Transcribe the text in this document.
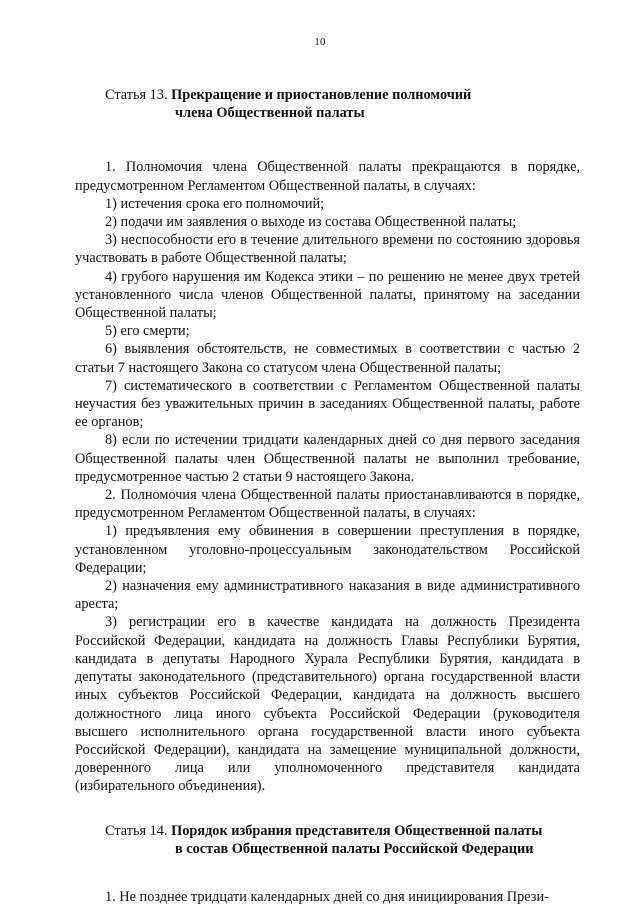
10
Статья 13. Прекращение и приостановление полномочий
члена Общественной палаты

1. Полномочия члена Общественной палаты прекращаются в порядке, предусмотренном Регламентом Общественной палаты, в случаях:

1) истечения срока его полномочий;

2) подачи им заявления о выходе из состава Общественной палаты;

3) неспособности его в течение длительного времени по состоянию здоровья участвовать в работе Общественной палаты;

4) грубого нарушения им Кодекса этики – по решению не менее двух третей установленного числа членов Общественной палаты, принятому на заседании Общественной палаты;

5) его смерти;

6) выявления обстоятельств, не совместимых в соответствии с частью 2 статьи 7 настоящего Закона со статусом члена Общественной палаты;

7) систематического в соответствии с Регламентом Общественной палаты неучастия без уважительных причин в заседаниях Общественной палаты, работе ее органов;

8) если по истечении тридцати календарных дней со дня первого заседания Общественной палаты член Общественной палаты не выполнил требование, предусмотренное частью 2 статьи 9 настоящего Закона.

2. Полномочия члена Общественной палаты приостанавливаются в порядке, предусмотренном Регламентом Общественной палаты, в случаях:

1) предъявления ему обвинения в совершении преступления в порядке, установленном уголовно-процессуальным законодательством Российской Федерации;

2) назначения ему административного наказания в виде административного ареста;

3) регистрации его в качестве кандидата на должность Президента Российской Федерации, кандидата на должность Главы Республики Бурятия, кандидата в депутаты Народного Хурала Республики Бурятия, кандидата в депутаты законодательного (представительного) органа государственной власти иных субъектов Российской Федерации, кандидата на должность высшего должностного лица иного субъекта Российской Федерации (руководителя высшего исполнительного органа государственной власти иного субъекта Российской Федерации), кандидата на замещение муниципальной должности, доверенного лица или уполномоченного представителя кандидата (избирательного объединения).

Статья 14. Порядок избрания представителя Общественной палаты
в состав Общественной палаты Российской Федерации

1. Не позднее тридцати календарных дней со дня инициирования Прези-
